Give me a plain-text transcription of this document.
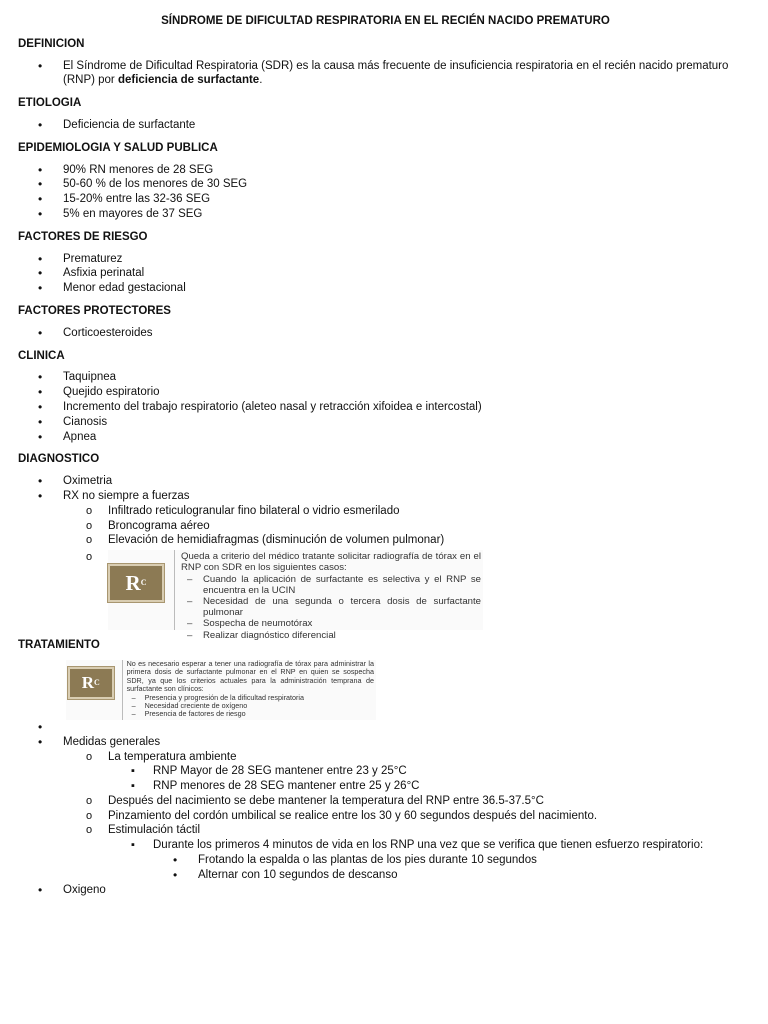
SÍNDROME DE DIFICULTAD RESPIRATORIA EN EL RECIÉN NACIDO PREMATURO
DEFINICION
• El Síndrome de Dificultad Respiratoria (SDR) es la causa más frecuente de insuficiencia respiratoria en el recién nacido prematuro (RNP) por deficiencia de surfactante.
ETIOLOGIA
• Deficiencia de surfactante
EPIDEMIOLOGIA Y SALUD PUBLICA
• 90% RN menores de 28 SEG
• 50-60 % de los menores de 30 SEG
• 15-20% entre las 32-36 SEG
• 5% en mayores de 37 SEG
FACTORES DE RIESGO
• Prematurez
• Asfixia perinatal
• Menor edad gestacional
FACTORES PROTECTORES
• Corticoesteroides
CLINICA
• Taquipnea
• Quejido espiratorio
• Incremento del trabajo respiratorio (aleteo nasal y retracción xifoidea e intercostal)
• Cianosis
• Apnea
DIAGNOSTICO
• Oximetria
• RX no siempre a fuerzas
o Infiltrado reticulogranular fino bilateral o vidrio esmerilado
o Broncograma aéreo
o Elevación de hemidiafragmas (disminución de volumen pulmonar)
o R C
Queda a criterio del médico tratante solicitar radiografía de tórax en el RNP con SDR en los siguientes casos:
– Cuando la aplicación de surfactante es selectiva y el RNP se encuentra en la UCIN
– Necesidad de una segunda o tercera dosis de surfactante pulmonar
– Sospecha de neumotórax
– Realizar diagnóstico diferencial
TRATAMIENTO
R C
No es necesario esperar a tener una radiografía de tórax para administrar la primera dosis de surfactante pulmonar en el RNP en quien se sospecha SDR, ya que los criterios actuales para la administración temprana de surfactante son clínicos:
– Presencia y progresión de la dificultad respiratoria
– Necesidad creciente de oxígeno
– Presencia de factores de riesgo
•
• Medidas generales
o La temperatura ambiente
▪ RNP Mayor de 28 SEG mantener entre 23 y 25°C
▪ RNP menores de 28 SEG mantener entre 25 y 26°C
o Después del nacimiento se debe mantener la temperatura del RNP entre 36.5-37.5°C
o Pinzamiento del cordón umbilical se realice entre los 30 y 60 segundos después del nacimiento.
o Estimulación táctil
▪ Durante los primeros 4 minutos de vida en los RNP una vez que se verifica que tienen esfuerzo respiratorio:
• Frotando la espalda o las plantas de los pies durante 10 segundos
• Alternar con 10 segundos de descanso
• Oxigeno
